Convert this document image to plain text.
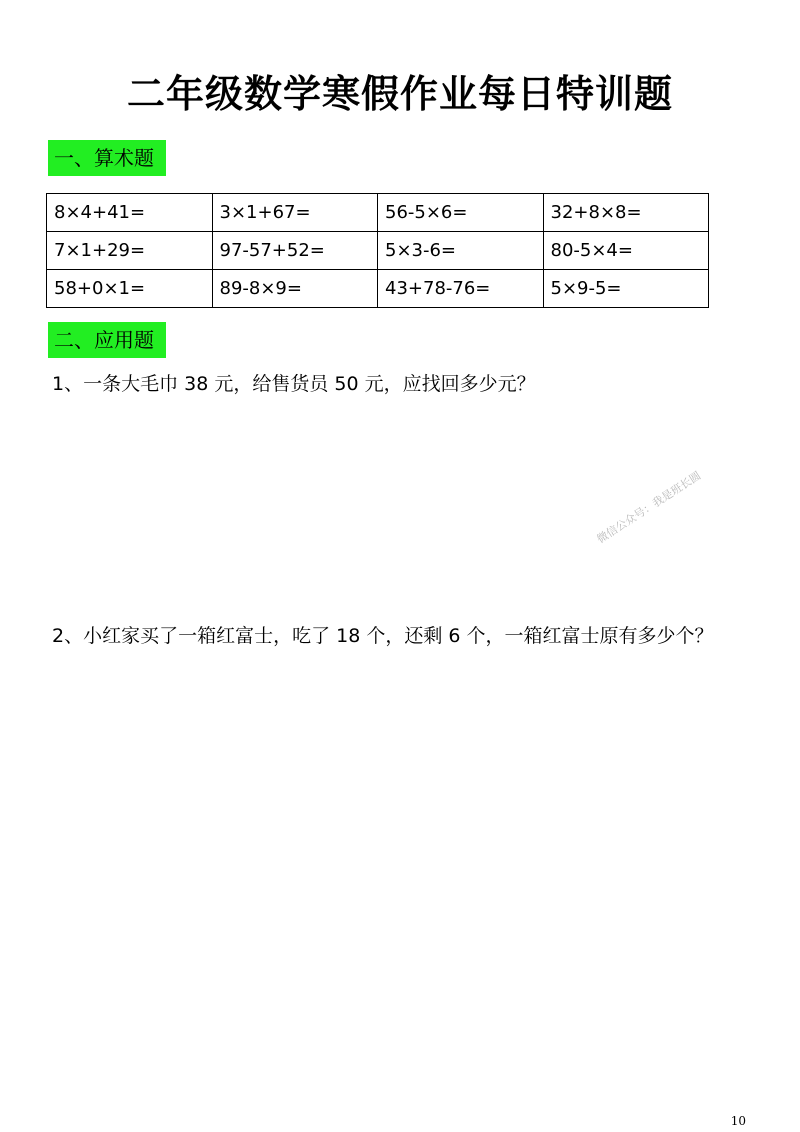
二年级数学寒假作业每日特训题
一、算术题
8×4+41=	3×1+67=	56-5×6=	32+8×8=
7×1+29=	97-57+52=	5×3-6=	80-5×4=
58+0×1=	89-8×9=	43+78-76=	5×9-5=
二、应用题
1、一条大毛巾 38 元，给售货员 50 元，应找回多少元？
2、小红家买了一箱红富士，吃了 18 个，还剩 6 个，一箱红富士原有多少个？
微信公众号：我是班长圆
10
